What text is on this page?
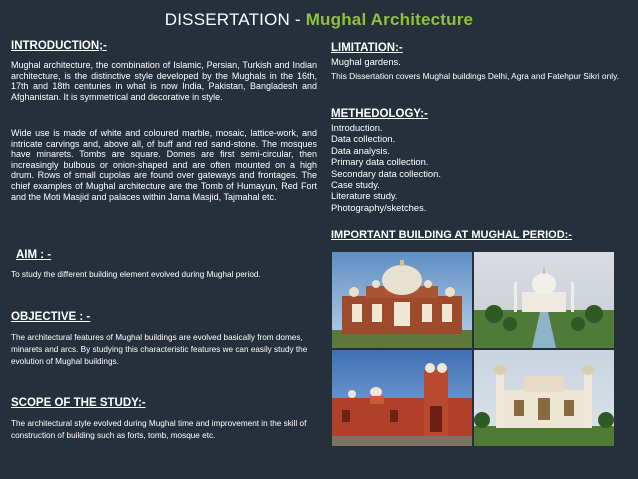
DISSERTATION - Mughal Architecture
INTRODUCTION;-

Mughal architecture, the combination of Islamic, Persian, Turkish and Indian architecture, is the distinctive style developed by the Mughals in the 16th, 17th and 18th centuries in what is now India, Pakistan, Bangladesh and Afghanistan. It is symmetrical and decorative in style.

Wide use is made of white and coloured marble, mosaic, lattice-work, and intricate carvings and, above all, of buff and red sand-stone. The mosques have minarets. Tombs are square. Domes are first semi-circular, then increasingly bulbous or onion-shaped and are often mounted on a high drum. Rows of small cupolas are found over gateways and frontages. The chief examples of Mughal architecture are the Tomb of Humayun, Red Fort and the Moti Masjid and palaces within Jama Masjid, Tajmahal etc.

AIM : -

To study the different building element evolved during Mughal period.

OBJECTIVE : -

The architectural features of Mughal buildings are evolved basically from domes, minarets and arcs. By studying this characteristic features we can easily study the evolution of Mughal buildings.

SCOPE OF THE STUDY:-

The architectural style evolved during Mughal time and improvement in the skill of construction of building such as forts, tomb, mosque etc.

LIMITATION:-
Mughal gardens.
This Dissertation covers Mughal buildings Delhi, Agra and Fatehpur Sikri only.
METHEDOLOGY:-
Introduction.
Data collection.
Data analysis.
Primary data collection.
Secondary data collection.
Case study.
Literature study.
Photography/sketches.
IMPORTANT BUILDING AT MUGHAL PERIOD:-
